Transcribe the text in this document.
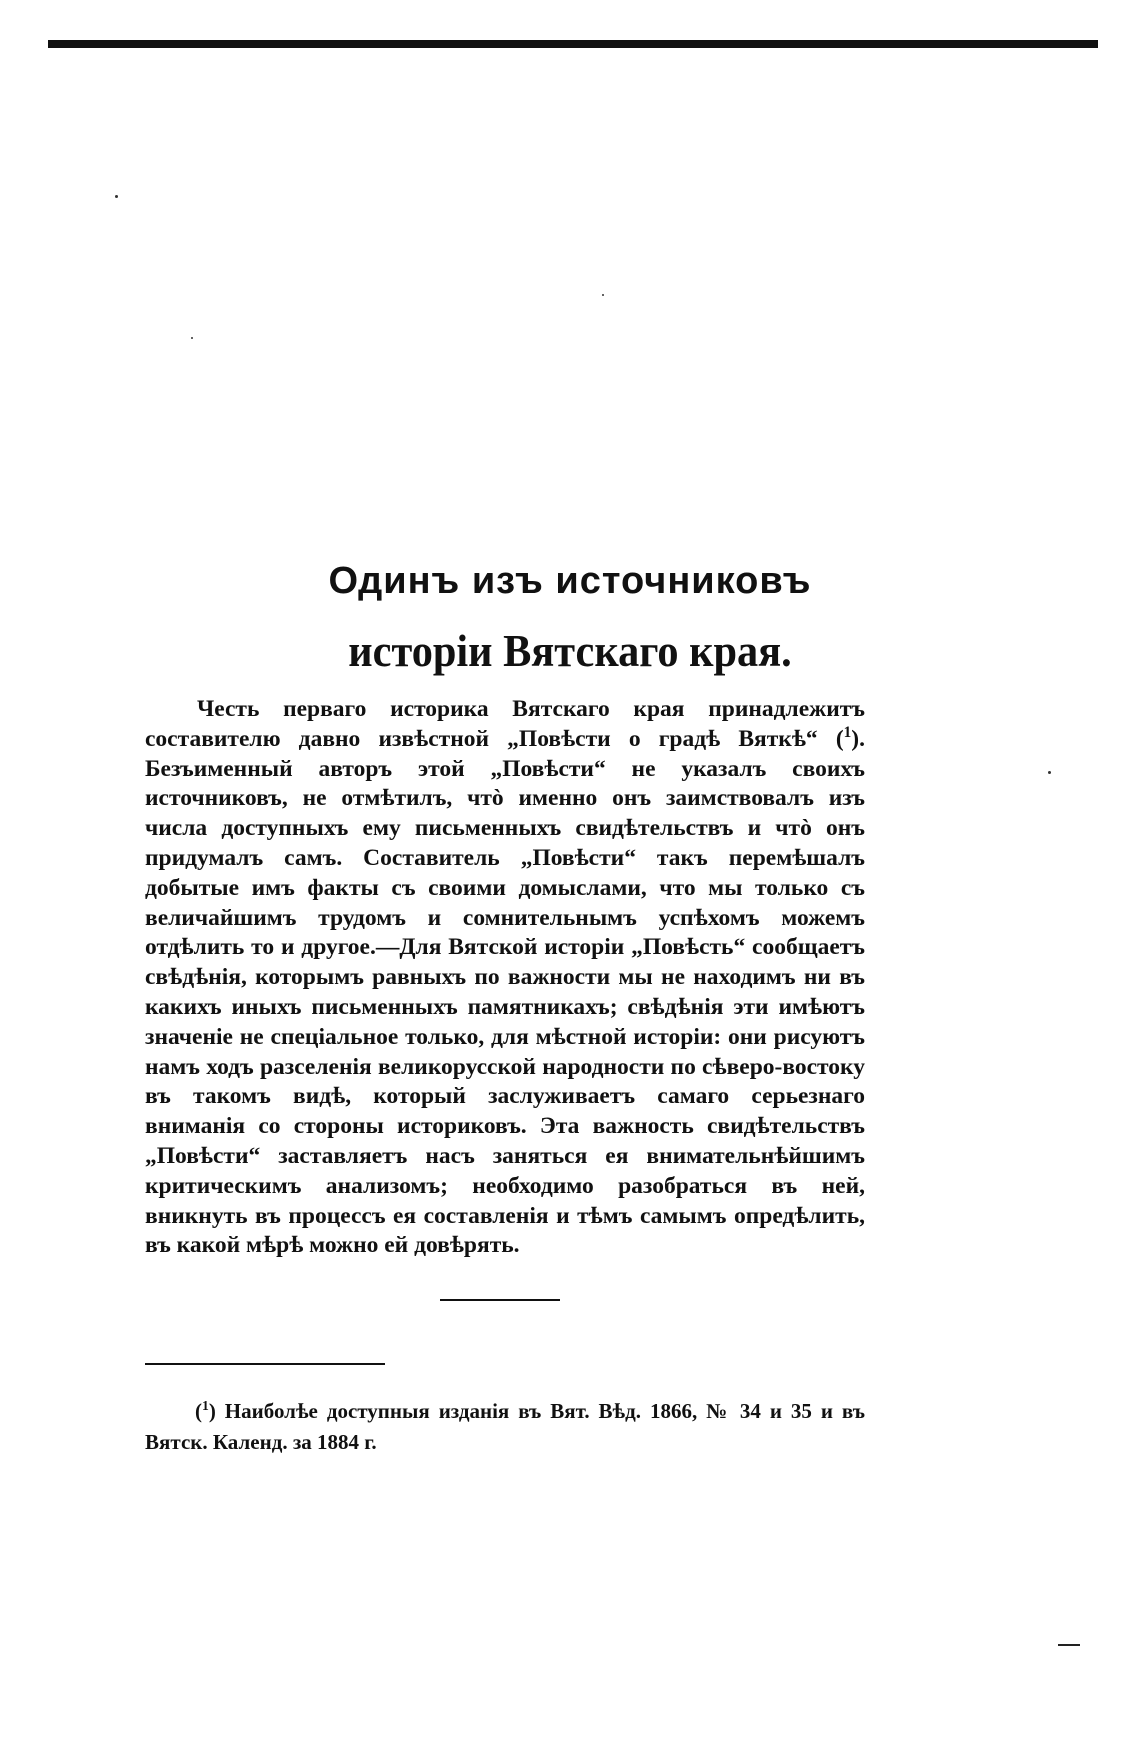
Одинъ изъ источниковъ
исторіи Вятскаго края.
Честь перваго историка Вятскаго края принадлежитъ составителю давно извѣстной „Повѣсти о градѣ Вяткѣ“ ($^1$). Безъименный авторъ этой „Повѣсти“ не указалъ своихъ источниковъ, не отмѣтилъ, чтò именно онъ заимствовалъ изъ числа доступныхъ ему письменныхъ свидѣтельствъ и чтò онъ придумалъ самъ. Составитель „Повѣсти“ такъ перемѣшалъ добытые имъ факты съ своими домыслами, что мы только съ величайшимъ трудомъ и сомнительнымъ успѣхомъ можемъ отдѣлить то и другое.—Для Вятской исторіи „Повѣсть“ сообщаетъ свѣдѣнія, которымъ равныхъ по важности мы не находимъ ни въ какихъ иныхъ письменныхъ памятникахъ; свѣдѣнія эти имѣютъ значеніе не спеціальное только, для мѣстной исторіи: они рисуютъ намъ ходъ разселенія великорусской народности по сѣверо-востоку въ такомъ видѣ, который заслуживаетъ самаго серьезнаго вниманія со стороны историковъ. Эта важность свидѣтельствъ „Повѣсти“ заставляетъ насъ заняться ея внимательнѣйшимъ критическимъ анализомъ; необходимо разобраться въ ней, вникнуть въ процессъ ея составленія и тѣмъ самымъ опредѣлить, въ какой мѣрѣ можно ей довѣрять.
($^1$) Наиболѣе доступныя изданія въ Вят. Вѣд. 1866, № 34 и 35 и въ Вятск. Календ. за 1884 г.
